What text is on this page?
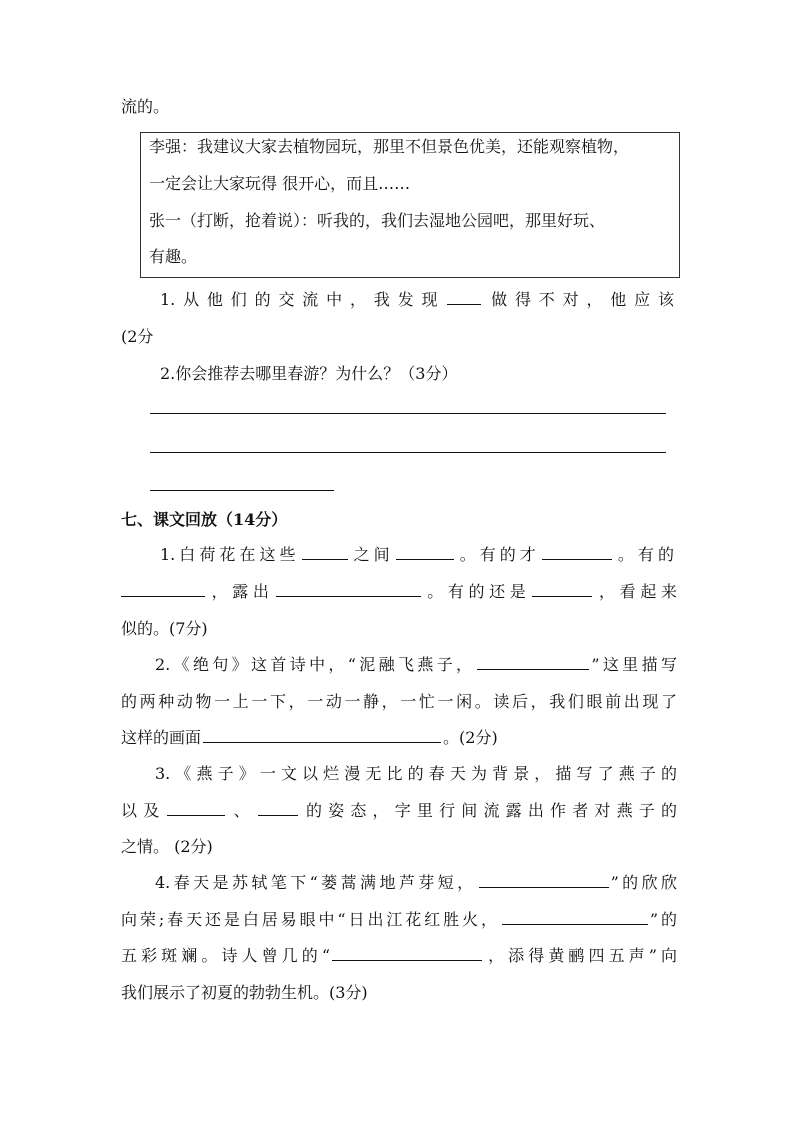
流的。
李强：我建议大家去植物园玩，那里不但景色优美，还能观察植物，
一定会让大家玩得 很开心，而且……
张一（打断，抢着说）：听我的，我们去湿地公园吧，那里好玩、
有趣。
1.从他们的交流中，我发现 做得不对，他应该
(2分
2.你会推荐去哪里春游？为什么？（3分）
七、课文回放（14分）
1.白荷花在这些	之间	。有的才	。有的
，露出	。有的还是	，看起来
似的。(7分)
2.《绝句》这首诗中，“泥融飞燕子，	”这里描写
的两种动物一上一下，一动一静，一忙一闲。读后，我们眼前出现了
这样的画面	。(2分)
3.《燕子》一文以烂漫无比的春天为背景，描写了燕子的
以及	、	的姿态，字里行间流露出作者对燕子的
之情。 (2分)
4.春天是苏轼笔下“蒌蒿满地芦芽短，	”的欣欣
向荣;春天还是白居易眼中“日出江花红胜火，	”的
五彩斑斓。诗人曾几的“	，添得黄鹂四五声”向
我们展示了初夏的勃勃生机。(3分)
